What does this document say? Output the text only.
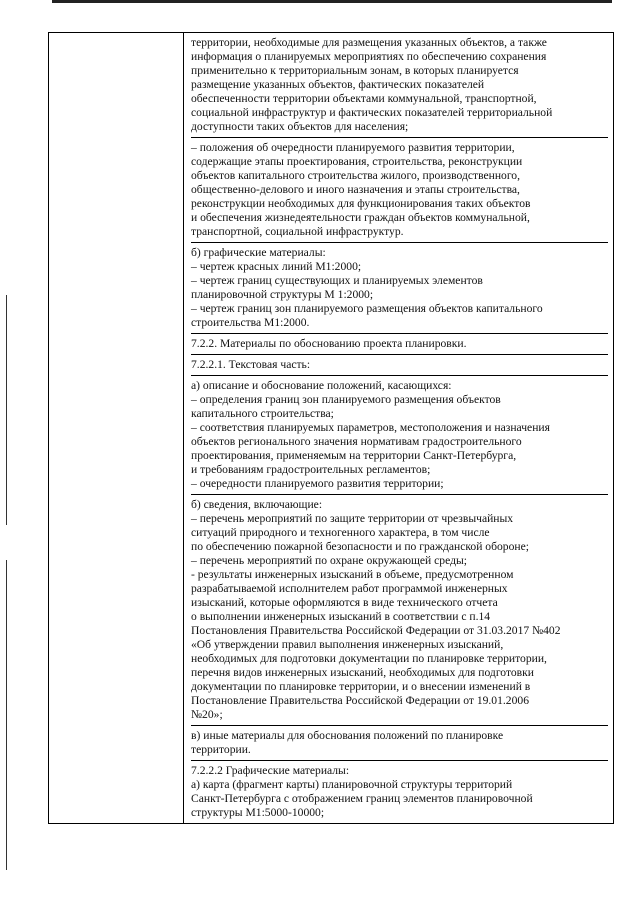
территории, необходимые для размещения указанных объектов, а также
информация о планируемых мероприятиях по обеспечению сохранения
применительно к территориальным зонам, в которых планируется
размещение указанных объектов, фактических показателей
обеспеченности территории объектами коммунальной, транспортной,
социальной инфраструктур и фактических показателей территориальной
доступности таких объектов для населения;
– положения об очередности планируемого развития территории,
содержащие этапы проектирования, строительства, реконструкции
объектов капитального строительства жилого, производственного,
общественно-делового и иного назначения и этапы строительства,
реконструкции необходимых для функционирования таких объектов
и обеспечения жизнедеятельности граждан объектов коммунальной,
транспортной, социальной инфраструктур.
б) графические материалы:
– чертеж красных линий М1:2000;
– чертеж границ существующих и планируемых элементов
планировочной структуры М 1:2000;
– чертеж границ зон планируемого размещения объектов капитального
строительства М1:2000.
7.2.2. Материалы по обоснованию проекта планировки.
7.2.2.1. Текстовая часть:
а) описание и обоснование положений, касающихся:
– определения границ зон планируемого размещения объектов
капитального строительства;
– соответствия планируемых параметров, местоположения и назначения
объектов регионального значения нормативам градостроительного
проектирования, применяемым на территории Санкт-Петербурга,
и требованиям градостроительных регламентов;
– очередности планируемого развития территории;
б) сведения, включающие:
– перечень мероприятий по защите территории от чрезвычайных
ситуаций природного и техногенного характера, в том числе
по обеспечению пожарной безопасности и по гражданской обороне;
– перечень мероприятий по охране окружающей среды;
- результаты инженерных изысканий в объеме, предусмотренном
разрабатываемой исполнителем работ программой инженерных
изысканий, которые оформляются в виде технического отчета
о выполнении инженерных изысканий в соответствии с п.14
Постановления Правительства Российской Федерации от 31.03.2017 №402
«Об утверждении правил выполнения инженерных изысканий,
необходимых для подготовки документации по планировке территории,
перечня видов инженерных изысканий, необходимых для подготовки
документации по планировке территории, и о внесении изменений в
Постановление Правительства Российской Федерации от 19.01.2006
№20»;
в) иные материалы для обоснования положений по планировке
территории.
7.2.2.2 Графические материалы:
а) карта (фрагмент карты) планировочной структуры территорий
Санкт-Петербурга с отображением границ элементов планировочной
структуры М1:5000-10000;
